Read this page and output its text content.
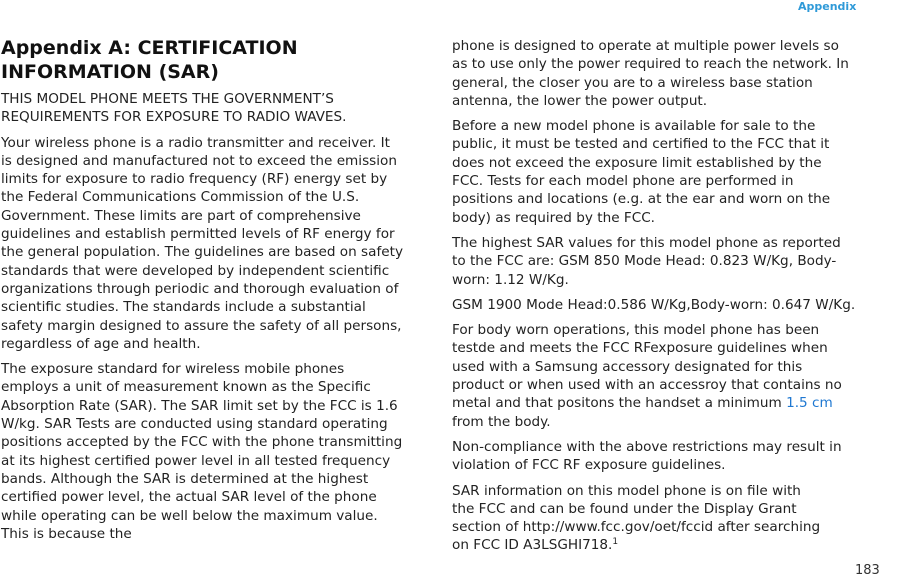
Appendix
Appendix A: CERTIFICATION INFORMATION (SAR)

THIS MODEL PHONE MEETS THE GOVERNMENT’S REQUIREMENTS FOR EXPOSURE TO RADIO WAVES.

Your wireless phone is a radio transmitter and receiver. It is designed and manufactured not to exceed the emission limits for exposure to radio frequency (RF) energy set by the Federal Communications Commission of the U.S. Government. These limits are part of comprehensive guidelines and establish permitted levels of RF energy for the general population. The guidelines are based on safety standards that were developed by independent scientific organizations through periodic and thorough evaluation of scientific studies. The standards include a substantial safety margin designed to assure the safety of all persons, regardless of age and health.

The exposure standard for wireless mobile phones employs a unit of measurement known as the Specific Absorption Rate (SAR). The SAR limit set by the FCC is 1.6 W/kg. SAR Tests are conducted using standard operating positions accepted by the FCC with the phone transmitting at its highest certified power level in all tested frequency bands. Although the SAR is determined at the highest certified power level, the actual SAR level of the phone while operating can be well below the maximum value. This is because the

phone is designed to operate at multiple power levels so as to use only the power required to reach the network. In general, the closer you are to a wireless base station antenna, the lower the power output.

Before a new model phone is available for sale to the public, it must be tested and certified to the FCC that it does not exceed the exposure limit established by the FCC. Tests for each model phone are performed in positions and locations (e.g. at the ear and worn on the body) as required by the FCC.

The highest SAR values for this model phone as reported to the FCC are: GSM 850 Mode Head: 0.823 W/Kg, Body-worn: 1.12 W/Kg.

GSM 1900 Mode Head:0.586 W/Kg,Body-worn: 0.647 W/Kg.

For body worn operations, this model phone has been testde and meets the FCC RFexposure guidelines when used with a Samsung accessory designated for this product or when used with an accessroy that contains no metal and that positons the handset a minimum 1.5 cm from the body.

Non-compliance with the above restrictions may result in violation of FCC RF exposure guidelines.

SAR information on this model phone is on file with the FCC and can be found under the Display Grant section of http://www.fcc.gov/oet/fccid after searching on FCC ID A3LSGHI718.$^1$

183
